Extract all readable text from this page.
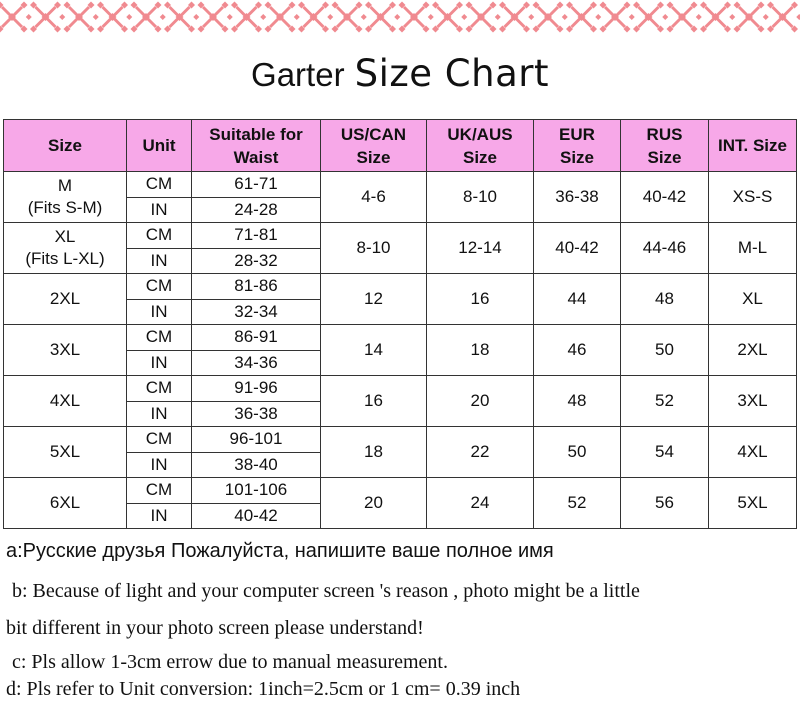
Garter Size Chart
Size	Unit	Suitable for Waist	US/CAN Size	UK/AUS Size	EUR Size	RUS Size	INT. Size

M
(Fits S-M)	CM	61-71	4-6	8-10	36-38	40-42	XS-S
	IN	24-28					

XL
(Fits L-XL)	CM	71-81	8-10	12-14	40-42	44-46	M-L
	IN	28-32					

2XL	CM	81-86	12	16	44	48	XL
	IN	32-34					

3XL	CM	86-91	14	18	46	50	2XL
	IN	34-36					

4XL	CM	91-96	16	20	48	52	3XL
	IN	36-38					

5XL	CM	96-101	18	22	50	54	4XL
	IN	38-40					

6XL	CM	101-106	20	24	52	56	5XL
	IN	40-42					
a:Русские друзья Пожалуйста, напишите ваше полное имя
b: Because of light and your computer screen 's reason , photo might be a little
bit different in your photo screen please understand!
c: Pls allow 1-3cm errow due to manual measurement.
d: Pls refer to Unit conversion: 1inch=2.5cm or 1 cm= 0.39 inch
